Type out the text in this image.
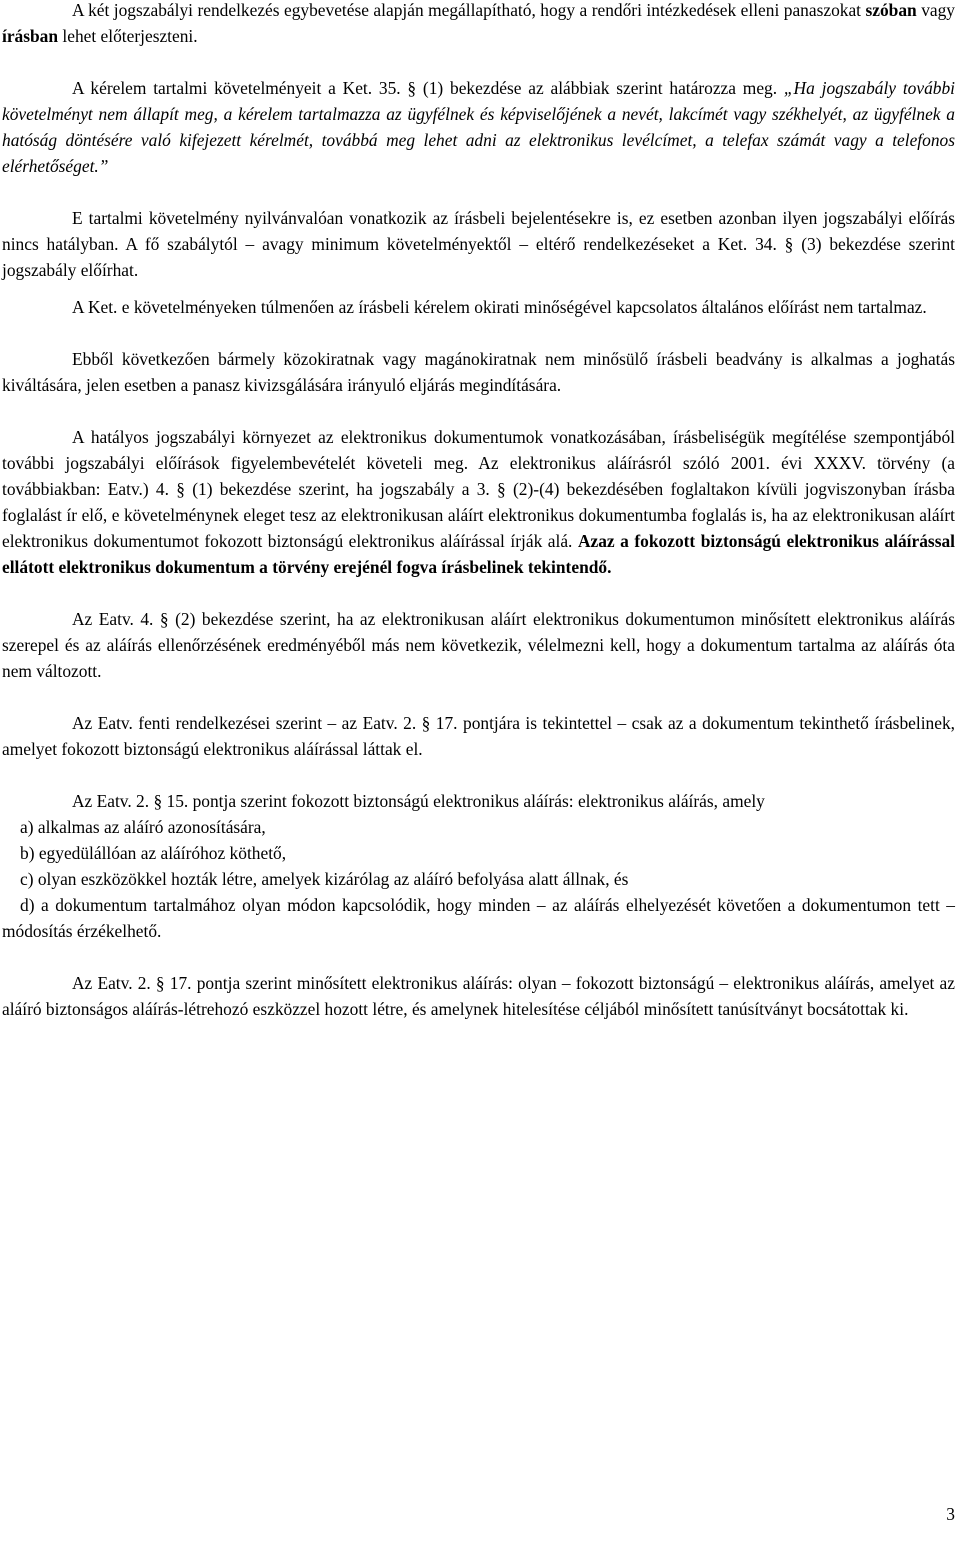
A két jogszabályi rendelkezés egybevetése alapján megállapítható, hogy a rendőri intézkedések elleni panaszokat szóban vagy írásban lehet előterjeszteni.

A kérelem tartalmi követelményeit a Ket. 35. § (1) bekezdése az alábbiak szerint határozza meg. „Ha jogszabály további követelményt nem állapít meg, a kérelem tartalmazza az ügyfélnek és képviselőjének a nevét, lakcímét vagy székhelyét, az ügyfélnek a hatóság döntésére való kifejezett kérelmét, továbbá meg lehet adni az elektronikus levélcímet, a telefax számát vagy a telefonos elérhetőséget.”

E tartalmi követelmény nyilvánvalóan vonatkozik az írásbeli bejelentésekre is, ez esetben azonban ilyen jogszabályi előírás nincs hatályban. A fő szabálytól – avagy minimum követelményektől – eltérő rendelkezéseket a Ket. 34. § (3) bekezdése szerint jogszabály előírhat.

A Ket. e követelményeken túlmenően az írásbeli kérelem okirati minőségével kapcsolatos általános előírást nem tartalmaz.

Ebből következően bármely közokiratnak vagy magánokiratnak nem minősülő írásbeli beadvány is alkalmas a joghatás kiváltására, jelen esetben a panasz kivizsgálására irányuló eljárás megindítására.

A hatályos jogszabályi környezet az elektronikus dokumentumok vonatkozásában, írásbeliségük megítélése szempontjából további jogszabályi előírások figyelembevételét követeli meg. Az elektronikus aláírásról szóló 2001. évi XXXV. törvény (a továbbiakban: Eatv.) 4. § (1) bekezdése szerint, ha jogszabály a 3. § (2)-(4) bekezdésében foglaltakon kívüli jogviszonyban írásba foglalást ír elő, e követelménynek eleget tesz az elektronikusan aláírt elektronikus dokumentumba foglalás is, ha az elektronikusan aláírt elektronikus dokumentumot fokozott biztonságú elektronikus aláírással írják alá. Azaz a fokozott biztonságú elektronikus aláírással ellátott elektronikus dokumentum a törvény erejénél fogva írásbelinek tekintendő.

Az Eatv. 4. § (2) bekezdése szerint, ha az elektronikusan aláírt elektronikus dokumentumon minősített elektronikus aláírás szerepel és az aláírás ellenőrzésének eredményéből más nem következik, vélelmezni kell, hogy a dokumentum tartalma az aláírás óta nem változott.

Az Eatv. fenti rendelkezései szerint – az Eatv. 2. § 17. pontjára is tekintettel – csak az a dokumentum tekinthető írásbelinek, amelyet fokozott biztonságú elektronikus aláírással láttak el.

Az Eatv. 2. § 15. pontja szerint fokozott biztonságú elektronikus aláírás: elektronikus aláírás, amely

a) alkalmas az aláíró azonosítására,

b) egyedülállóan az aláíróhoz köthető,

c) olyan eszközökkel hozták létre, amelyek kizárólag az aláíró befolyása alatt állnak, és

d) a dokumentum tartalmához olyan módon kapcsolódik, hogy minden – az aláírás elhelyezését követően a dokumentumon tett – módosítás érzékelhető.

Az Eatv. 2. § 17. pontja szerint minősített elektronikus aláírás: olyan – fokozott biztonságú – elektronikus aláírás, amelyet az aláíró biztonságos aláírás-létrehozó eszközzel hozott létre, és amelynek hitelesítése céljából minősített tanúsítványt bocsátottak ki.

3
